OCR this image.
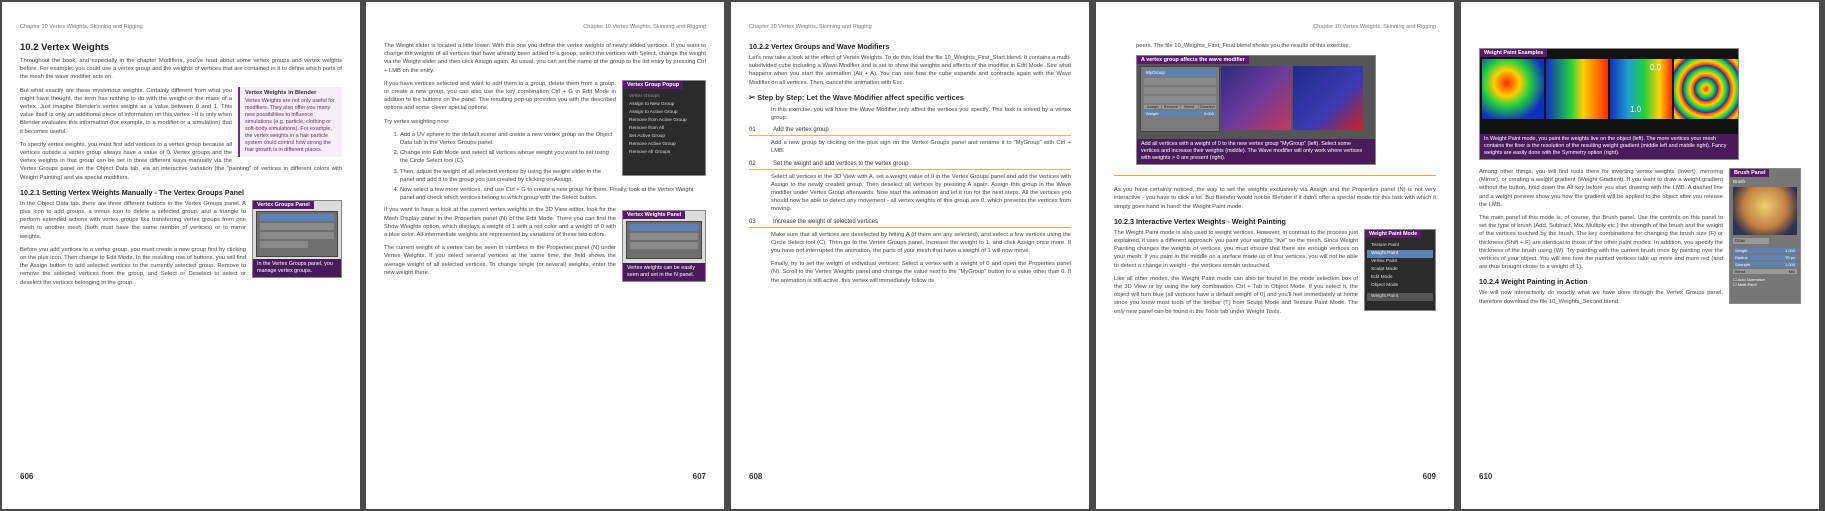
Chapter 10 Vertex Weights, Skinning and Rigging
10.2 Vertex Weights

Throughout the book, and especially in the chapter Modifiers, you've read about some vertex groups and vertex weights before. For example, you could use a vertex group and the weights of vertices that are contained in it to define which parts of the mesh the wave modifier acts on.

Vertex Weights in Blender
Vertex Weights are not only useful for modifiers. They also offer you many new possibilities to influence simulations (e.g. particle, clothing or soft-body simulations). For example, the vertex weights in a hair particle system could control how strong the hair growth is in different places.

But what exactly are these mysterious weights. Certainly different from what you might have thought, the term has nothing to do with the weight or the mass of a vertex. Just imagine Blender's vertex weight as a value between 0 and 1. This value itself is only an additional piece of information on this vertex - it is only when Blender evaluates this information (for example, in a modifier or a simulation) that it becomes useful.

To specify vertex weights, you must first add vertices to a vertex group because all vertices outside a vertex group always have a value of 0. Vertex groups and the vertex weights in that group can be set in three different ways manually via the Vertex Groups panel on the Object Data tab, via an interactive variation (the "painting" of vertices in different colors with Weight Painting) and via special modifiers.

10.2.1 Setting Vertex Weights Manually - The Vertex Groups Panel
Vertex Groups Panel
In the Vertex Groups panel, you manage vertex groups.

In the Object Data tab, there are three different buttons in the Vertex Groups panel. A plus icon to add groups, a minus icon to delete a selected group, and a triangle to perform extended actions with vertex groups like transferring vertex groups from one mesh to another mesh (both must have the same number of vertices) or to mirror weights.

Before you add vertices to a vertex group, you must create a new group first by clicking on the plus icon. Then change to Edit Mode. In the resulting row of buttons, you will find the Assign button to add selected vertices to the currently selected group, Remove to remove the selected vertices from the group, and Select or Deselect to select or deselect the vertices belonging to the group.

606
Chapter 10 Vertex Weights, Skinning and Rigging

The Weight slider is located a little lower. With this one you define the vertex weights of newly added vertices. If you want to change the weights of all vertices that have already been added to a group, select the vertices with Select, change the weight via the Weight slider and then click Assign again. As usual, you can set the name of the group to the list entry by pressing Ctrl + LMB on the entry.

Vertex Group Popup
Vertex Groups
Assign to New Group
Assign to Active Group
Remove from Active Group
Remove from All
Set Active Group
Remove Active Group
Remove All Groups

If you have vertices selected and want to add them to a group, delete them from a group, or create a new group, you can also use the key combination Ctrl + G in Edit Mode in addition to the buttons on the panel. The resulting pop-up provides you with the described options and some clever special options.

Try vertex weighting now:

1. Add a UV sphere to the default scene and create a new vertex group on the Object Data tab in the Vertex Groups panel.
2. Change into Edit Mode and select all vertices whose weight you want to set using the Circle Select tool (C).
3. Then, adjust the weight of all selected vertices by using the weight slider in the panel and add it to the group you just created by clicking on Assign.
4. Now select a few more vertices, and use Ctrl + G to create a new group for them. Finally, look at the Vertex Weight panel and check which vertices belong to which group with the Select button.
Vertex Weights Panel
Vertex weights can be easily seen and set in the N panel.

If you want to have a look at the current vertex weights in the 3D View editor, look for the Mesh Display panel in the Properties panel (N) of the Edit Mode. There you can find the Show Weights option, which displays a weight of 1 with a red color and a weight of 0 with a blue color. All intermediate weights are represented by variations of these two colors.

The current weight of a vertex can be seen in numbers in the Properties panel (N) under Vertex Weights. If you select several vertices at the same time, the field shows the average weight of all selected vertices. To change single (or several) weights, enter the new weight there.

607
Chapter 10 Vertex Weights, Skinning and Rigging
10.2.2 Vertex Groups and Wave Modifiers

Let's now take a look at the effect of Vertex Weights. To do this, load the file 10_Weights_First_Start.blend. It contains a multi-subdivided cube including a Wave Modifier and is set to show the weights and effects of the modifier in Edit Mode. See what happens when you start the animation (Alt + A). You can see how the cube expands and contracts again with the Wave Modifier on all vertices. Then, cancel the animation with Esc.

✂ Step by Step: Let the Wave Modifier affect specific vertices

In this exercise, you will have the Wave Modifier only affect the vertices you specify. This task is solved by a vertex group.

01	Add the vertex group

Add a new group by clicking on the plus sign on the Vertex Groups panel and rename it to "MyGroup" with Ctrl + LMB.

02	Set the weight and add vertices to the vertex group

Select all vertices in the 3D View with A, set a weight value of 0 in the Vertex Groups panel and add the vertices with Assign to the newly created group. Then deselect all vertices by pressing A again. Assign this group in the Wave modifier under Vertex Group afterwards. Now start the animation and let it run for the next steps. All the vertices you should now be able to detect any movement - all vertex weights of this group are 0, which prevents the vertices from moving.

03	Increase the weight of selected vertices

Make sure that all vertices are deselected by hitting A (if there are any selected), and select a few vertices using the Circle Select tool (C). Then go to the Vertex Groups panel. Increase the weight to 1, and click Assign once more. If you have not interrupted the animation, the parts of your mesh that have a weight of 1 will now move.

Finally, try to set the weight of individual vertices: Select a vertex with a weight of 0 and open the Properties panel (N). Scroll to the Vertex Weights panel and change the value next to the "MyGroup" button to a value other than 0. If the animation is still active, this vertex will immediately follow its

608
Chapter 10 Vertex Weights, Skinning and Rigging

peers. The file 10_Weights_First_Final.blend shows you the results of this exercise.

A vertex group affects the wave modifier
MyGroup
Assign	Remove	Select	Deselect
Weight	0.000
Add all vertices with a weight of 0 to the new vertex group "MyGroup" (left). Select some vertices and increase their weights (middle). The Wave modifier will only work where vertices with weights > 0 are present (right).

As you have certainly noticed, the way to set the weights exclusively via Assign and the Properties panel (N) is not very interactive - you have to click a lot. But Blender would not be Blender if it didn't offer a special mode for this task with which it simply goes hand in hand: the Weight Paint mode.

10.2.3 Interactive Vertex Weights - Weight Painting
Weight Paint Mode
Texture Paint
Weight Paint
Vertex Paint
Sculpt Mode
Edit Mode
Object Mode
Weight Paint

The Weight Paint mode is also used to weight vertices. However, in contrast to the process just explained, it uses a different approach: you paint your weights "live" on the mesh. Since Weight Painting changes the weights of vertices, you must ensure that there are enough vertices on your mesh. If you paint in the middle on a surface made up of four vertices, you will not be able to detect a change in weight - the vertices remain untouched.

Like all other modes, the Weight Paint mode can also be found in the mode selection box of the 3D View or by using the key combination Ctrl + Tab in Object Mode. If you select it, the object will turn blue (all vertices have a default weight of 0) and you'll feel immediately at home since you know most tools of the toolbar (T) from Sculpt Mode and Texture Paint Mode. The only new panel can be found in the Tools tab under Weight Tools.

609
Weight Paint Examples
0.0
1.0
In Weight Paint mode, you paint the weights live on the object (left). The more vertices your mesh contains the finer is the resolution of the resulting weight gradient (middle left and middle right). Fancy weights are easily done with the Symmetry option (right).
Brush Panel
Brush
Draw
Weight	1.000
Radius	75 px
Strength	1.000
Blend	Mix
☐ Auto Normalize
☐ Multi-Paint

Among other things, you will find tools there for inverting vertex weights (Invert), mirroring (Mirror), or creating a weight gradient (Weight Gradient). If you want to draw a weight gradient without the button, hold down the Alt key before you start drawing with the LMB. A dashed line and a weight preview show you how the gradient will be applied to the object after you release the LMB.

The main panel of this mode is, of course, the Brush panel. Use the controls on this panel to set the type of brush (Add, Subtract, Mix, Multiply etc.) the strength of the brush and the weight of the vertices touched by the brush. The key combinations for changing the brush size (F) or thickness (Shift + F) are identical to those of the other paint modes. In addition, you specify the thickness of the brush using (W). Try painting with the current brush once by painting over the vertices of your object. You will see how the painted vertices take up more and more red (and are thus brought closer to a weight of 1).

10.2.4 Weight Painting in Action

We will now interactively do exactly what we have done through the Vertex Groups panel, therefore download the file 10_Weights_Second.blend.

610
